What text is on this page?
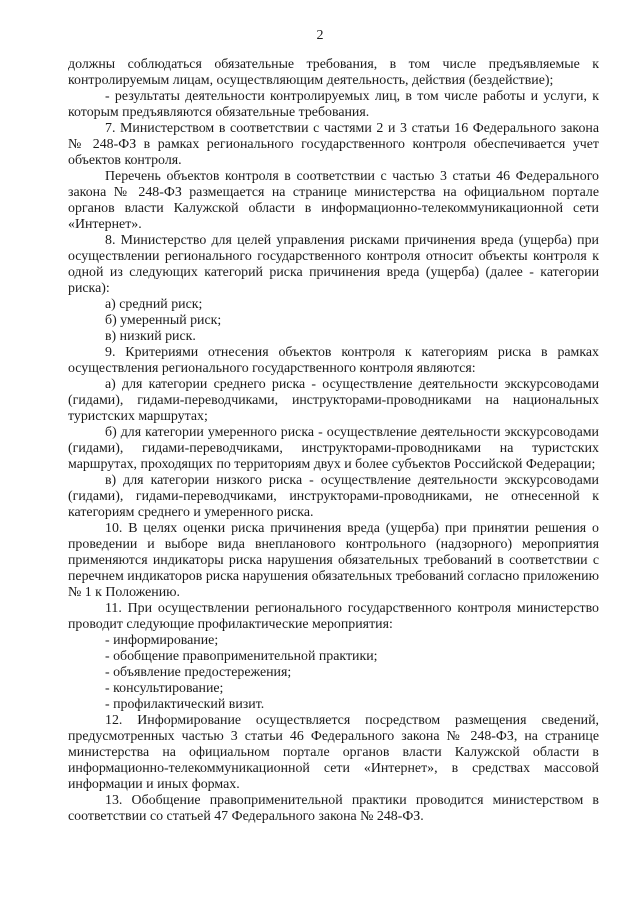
2

должны соблюдаться обязательные требования, в том числе предъявляемые к контролируемым лицам, осуществляющим деятельность, действия (бездействие);

- результаты деятельности контролируемых лиц, в том числе работы и услуги, к которым предъявляются обязательные требования.

7. Министерством в соответствии с частями 2 и 3 статьи 16 Федерального закона № 248-ФЗ в рамках регионального государственного контроля обеспечивается учет объектов контроля.

Перечень объектов контроля в соответствии с частью 3 статьи 46 Федерального закона № 248-ФЗ размещается на странице министерства на официальном портале органов власти Калужской области в информационно-телекоммуникационной сети «Интернет».

8. Министерство для целей управления рисками причинения вреда (ущерба) при осуществлении регионального государственного контроля относит объекты контроля к одной из следующих категорий риска причинения вреда (ущерба) (далее - категории риска):

а) средний риск;

б) умеренный риск;

в) низкий риск.

9. Критериями отнесения объектов контроля к категориям риска в рамках осуществления регионального государственного контроля являются:

а) для категории среднего риска - осуществление деятельности экскурсоводами (гидами), гидами-переводчиками, инструкторами-проводниками на национальных туристских маршрутах;

б) для категории умеренного риска - осуществление деятельности экскурсоводами (гидами), гидами-переводчиками, инструкторами-проводниками на туристских маршрутах, проходящих по территориям двух и более субъектов Российской Федерации;

в) для категории низкого риска - осуществление деятельности экскурсоводами (гидами), гидами-переводчиками, инструкторами-проводниками, не отнесенной к категориям среднего и умеренного риска.

10. В целях оценки риска причинения вреда (ущерба) при принятии решения о проведении и выборе вида внепланового контрольного (надзорного) мероприятия применяются индикаторы риска нарушения обязательных требований в соответствии с перечнем индикаторов риска нарушения обязательных требований согласно приложению № 1 к Положению.

11. При осуществлении регионального государственного контроля министерство проводит следующие профилактические мероприятия:

- информирование;

- обобщение правоприменительной практики;

- объявление предостережения;

- консультирование;

- профилактический визит.

12. Информирование осуществляется посредством размещения сведений, предусмотренных частью 3 статьи 46 Федерального закона № 248-ФЗ, на странице министерства на официальном портале органов власти Калужской области в информационно-телекоммуникационной сети «Интернет», в средствах массовой информации и иных формах.

13. Обобщение правоприменительной практики проводится министерством в соответствии со статьей 47 Федерального закона № 248-ФЗ.
